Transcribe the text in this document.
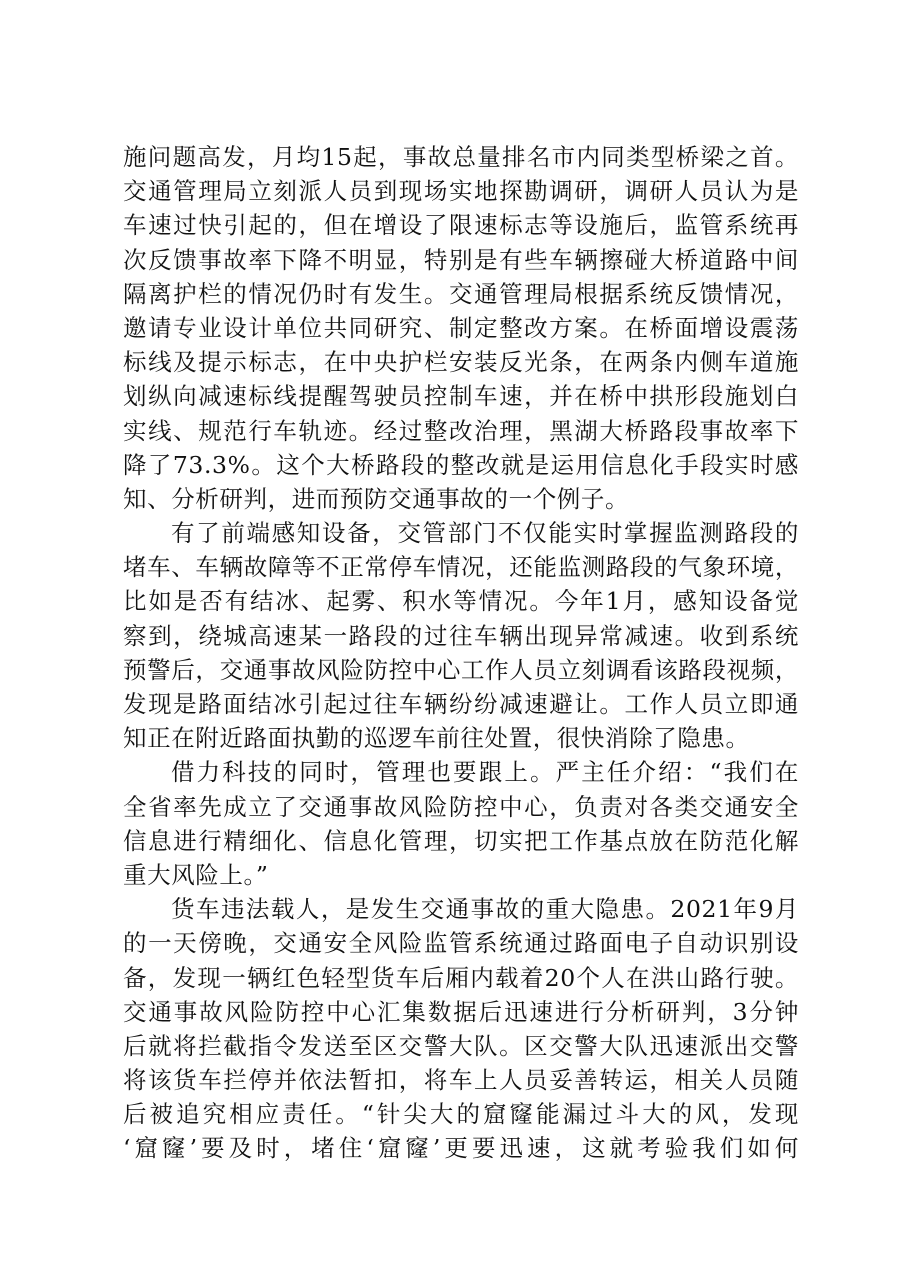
施问题高发，月均15起，事故总量排名市内同类型桥梁之首。
交通管理局立刻派人员到现场实地探勘调研，调研人员认为是
车速过快引起的，但在增设了限速标志等设施后，监管系统再
次反馈事故率下降不明显，特别是有些车辆擦碰大桥道路中间
隔离护栏的情况仍时有发生。交通管理局根据系统反馈情况，
邀请专业设计单位共同研究、制定整改方案。在桥面增设震荡
标线及提示标志，在中央护栏安装反光条，在两条内侧车道施
划纵向减速标线提醒驾驶员控制车速，并在桥中拱形段施划白
实线、规范行车轨迹。经过整改治理，黑湖大桥路段事故率下
降了73.3%。这个大桥路段的整改就是运用信息化手段实时感
知、分析研判，进而预防交通事故的一个例子。
有了前端感知设备，交管部门不仅能实时掌握监测路段的
堵车、车辆故障等不正常停车情况，还能监测路段的气象环境，
比如是否有结冰、起雾、积水等情况。今年1月，感知设备觉
察到，绕城高速某一路段的过往车辆出现异常减速。收到系统
预警后，交通事故风险防控中心工作人员立刻调看该路段视频，
发现是路面结冰引起过往车辆纷纷减速避让。工作人员立即通
知正在附近路面执勤的巡逻车前往处置，很快消除了隐患。
借力科技的同时，管理也要跟上。严主任介绍：“我们在
全省率先成立了交通事故风险防控中心，负责对各类交通安全
信息进行精细化、信息化管理，切实把工作基点放在防范化解
重大风险上。”
货车违法载人，是发生交通事故的重大隐患。2021年9月
的一天傍晚，交通安全风险监管系统通过路面电子自动识别设
备，发现一辆红色轻型货车后厢内载着20个人在洪山路行驶。
交通事故风险防控中心汇集数据后迅速进行分析研判，3分钟
后就将拦截指令发送至区交警大队。区交警大队迅速派出交警
将该货车拦停并依法暂扣，将车上人员妥善转运，相关人员随
后被追究相应责任。“针尖大的窟窿能漏过斗大的风，发现
‘窟窿’要及时，堵住‘窟窿’更要迅速，这就考验我们如何
